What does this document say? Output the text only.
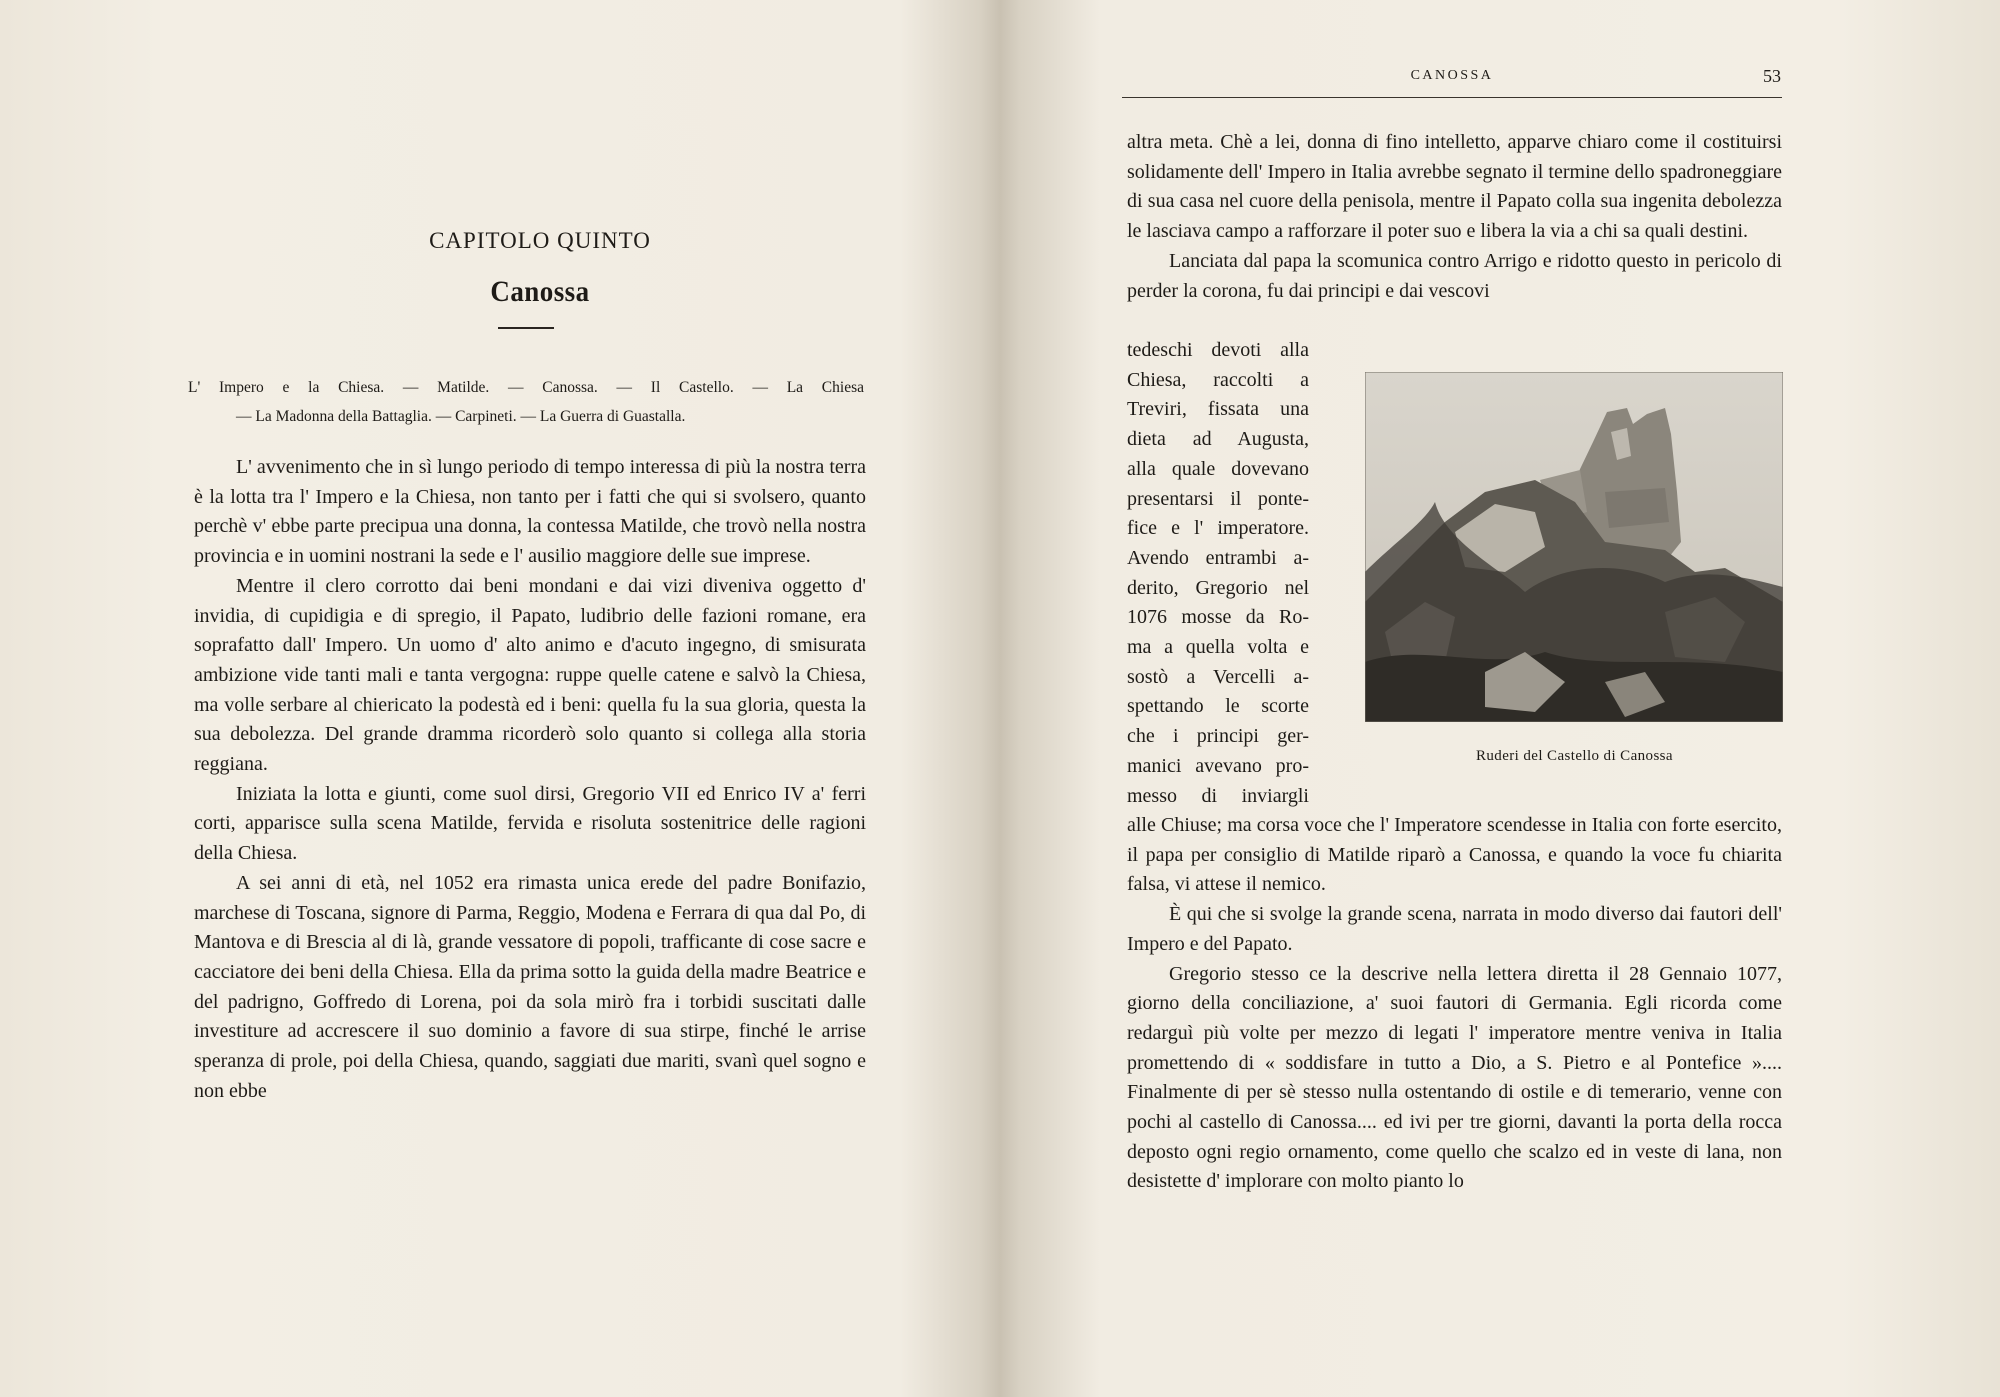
CAPITOLO QUINTO
Canossa
L' Impero e la Chiesa. — Matilde. — Canossa. — Il Castello. — La Chiesa
— La Madonna della Battaglia. — Carpineti. — La Guerra di Guastalla.

L' avvenimento che in sì lungo periodo di tempo interessa di più la nostra terra è la lotta tra l' Impero e la Chiesa, non tanto per i fatti che qui si svolsero, quanto perchè v' ebbe parte precipua una donna, la contessa Matilde, che trovò nella nostra provincia e in uomini nostrani la sede e l' ausilio maggiore delle sue imprese.

Mentre il clero corrotto dai beni mondani e dai vizi diveniva oggetto d' invidia, di cupidigia e di spregio, il Papato, ludibrio delle fazioni romane, era soprafatto dall' Impero. Un uomo d' alto animo e d'acuto ingegno, di smisurata ambizione vide tanti mali e tanta vergogna: ruppe quelle catene e salvò la Chiesa, ma volle serbare al chiericato la podestà ed i beni: quella fu la sua gloria, questa la sua debolezza. Del grande dramma ricorderò solo quanto si collega alla storia reggiana.

Iniziata la lotta e giunti, come suol dirsi, Gregorio VII ed Enrico IV a' ferri corti, apparisce sulla scena Matilde, fervida e risoluta sostenitrice delle ragioni della Chiesa.

A sei anni di età, nel 1052 era rimasta unica erede del padre Bonifazio, marchese di Toscana, signore di Parma, Reggio, Modena e Ferrara di qua dal Po, di Mantova e di Brescia al di là, grande vessatore di popoli, trafficante di cose sacre e cacciatore dei beni della Chiesa. Ella da prima sotto la guida della madre Beatrice e del padrigno, Goffredo di Lorena, poi da sola mirò fra i torbidi suscitati dalle investiture ad accrescere il suo dominio a favore di sua stirpe, finché le arrise speranza di prole, poi della Chiesa, quando, saggiati due mariti, svanì quel sogno e non ebbe

CANOSSA	53

altra meta. Chè a lei, donna di fino intelletto, apparve chiaro come il costituirsi solidamente dell' Impero in Italia avrebbe segnato il termine dello spadroneggiare di sua casa nel cuore della penisola, mentre il Papato colla sua ingenita debolezza le lasciava campo a rafforzare il poter suo e libera la via a chi sa quali destini.

Lanciata dal papa la scomunica contro Arrigo e ridotto questo in pericolo di perder la corona, fu dai principi e dai vescovi

tedeschi devoti alla
Chiesa, raccolti a
Treviri, fissata una
dieta ad Augusta,
alla quale dovevano
presentarsi il ponte-
fice e l' imperatore.
Avendo entrambi a-
derito, Gregorio nel
1076 mosse da Ro-
ma a quella volta e
sostò a Vercelli a-
spettando le scorte
che i principi ger-
manici avevano pro-
messo di inviargli
Ruderi del Castello di Canossa

alle Chiuse; ma corsa voce che l' Imperatore scendesse in Italia con forte esercito, il papa per consiglio di Matilde riparò a Canossa, e quando la voce fu chiarita falsa, vi attese il nemico.

È qui che si svolge la grande scena, narrata in modo diverso dai fautori dell' Impero e del Papato.

Gregorio stesso ce la descrive nella lettera diretta il 28 Gennaio 1077, giorno della conciliazione, a' suoi fautori di Germania. Egli ricorda come redarguì più volte per mezzo di legati l' imperatore mentre veniva in Italia promettendo di « soddisfare in tutto a Dio, a S. Pietro e al Pontefice ».... Finalmente di per sè stesso nulla ostentando di ostile e di temerario, venne con pochi al castello di Canossa.... ed ivi per tre giorni, davanti la porta della rocca deposto ogni regio ornamento, come quello che scalzo ed in veste di lana, non desistette d' implorare con molto pianto lo
